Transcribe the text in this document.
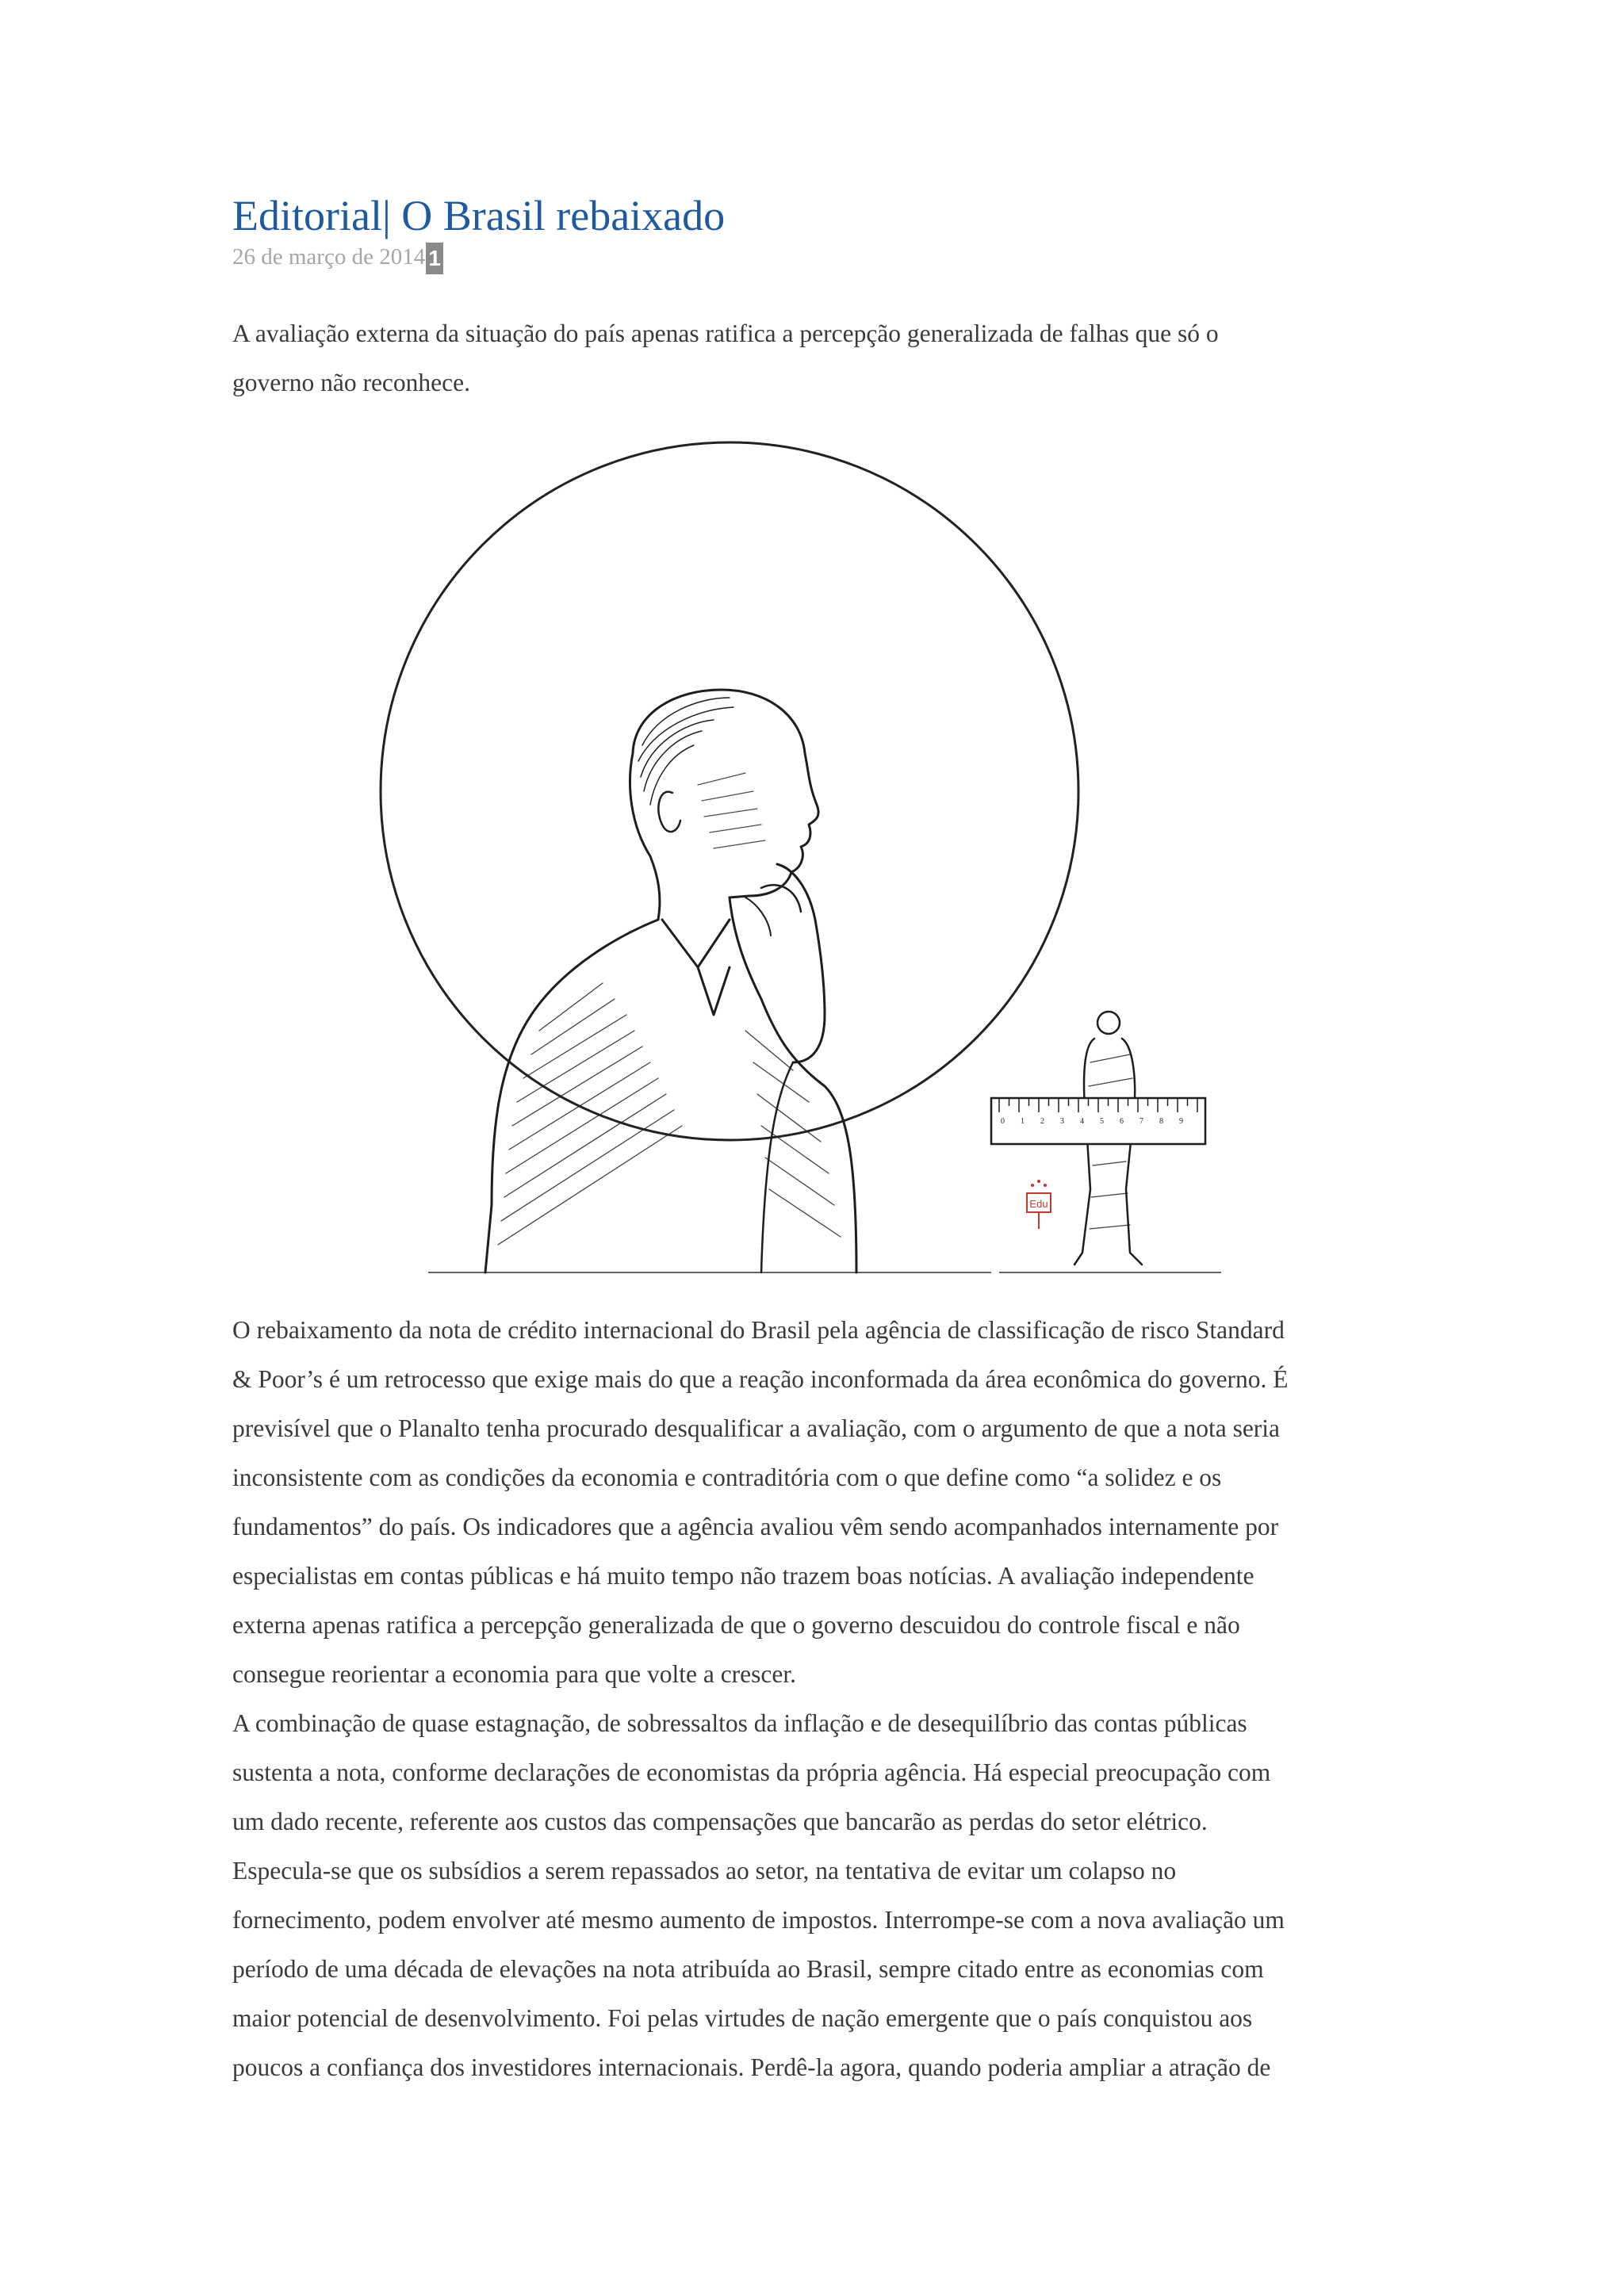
Editorial| O Brasil rebaixado
26 de março de 2014 1

A avaliação externa da situação do país apenas ratifica a percepção generalizada de falhas que só o
governo não reconhece.

0 1 2 3 4 5 6 7 8 9
Edu

O rebaixamento da nota de crédito internacional do Brasil pela agência de classificação de risco Standard
& Poor’s é um retrocesso que exige mais do que a reação inconformada da área econômica do governo. É
previsível que o Planalto tenha procurado desqualificar a avaliação, com o argumento de que a nota seria
inconsistente com as condições da economia e contraditória com o que define como “a solidez e os
fundamentos” do país. Os indicadores que a agência avaliou vêm sendo acompanhados internamente por
especialistas em contas públicas e há muito tempo não trazem boas notícias. A avaliação independente
externa apenas ratifica a percepção generalizada de que o governo descuidou do controle fiscal e não
consegue reorientar a economia para que volte a crescer.

A combinação de quase estagnação, de sobressaltos da inflação e de desequilíbrio das contas públicas
sustenta a nota, conforme declarações de economistas da própria agência. Há especial preocupação com
um dado recente, referente aos custos das compensações que bancarão as perdas do setor elétrico.
Especula-se que os subsídios a serem repassados ao setor, na tentativa de evitar um colapso no
fornecimento, podem envolver até mesmo aumento de impostos. Interrompe-se com a nova avaliação um
período de uma década de elevações na nota atribuída ao Brasil, sempre citado entre as economias com
maior potencial de desenvolvimento. Foi pelas virtudes de nação emergente que o país conquistou aos
poucos a confiança dos investidores internacionais. Perdê-la agora, quando poderia ampliar a atração de
